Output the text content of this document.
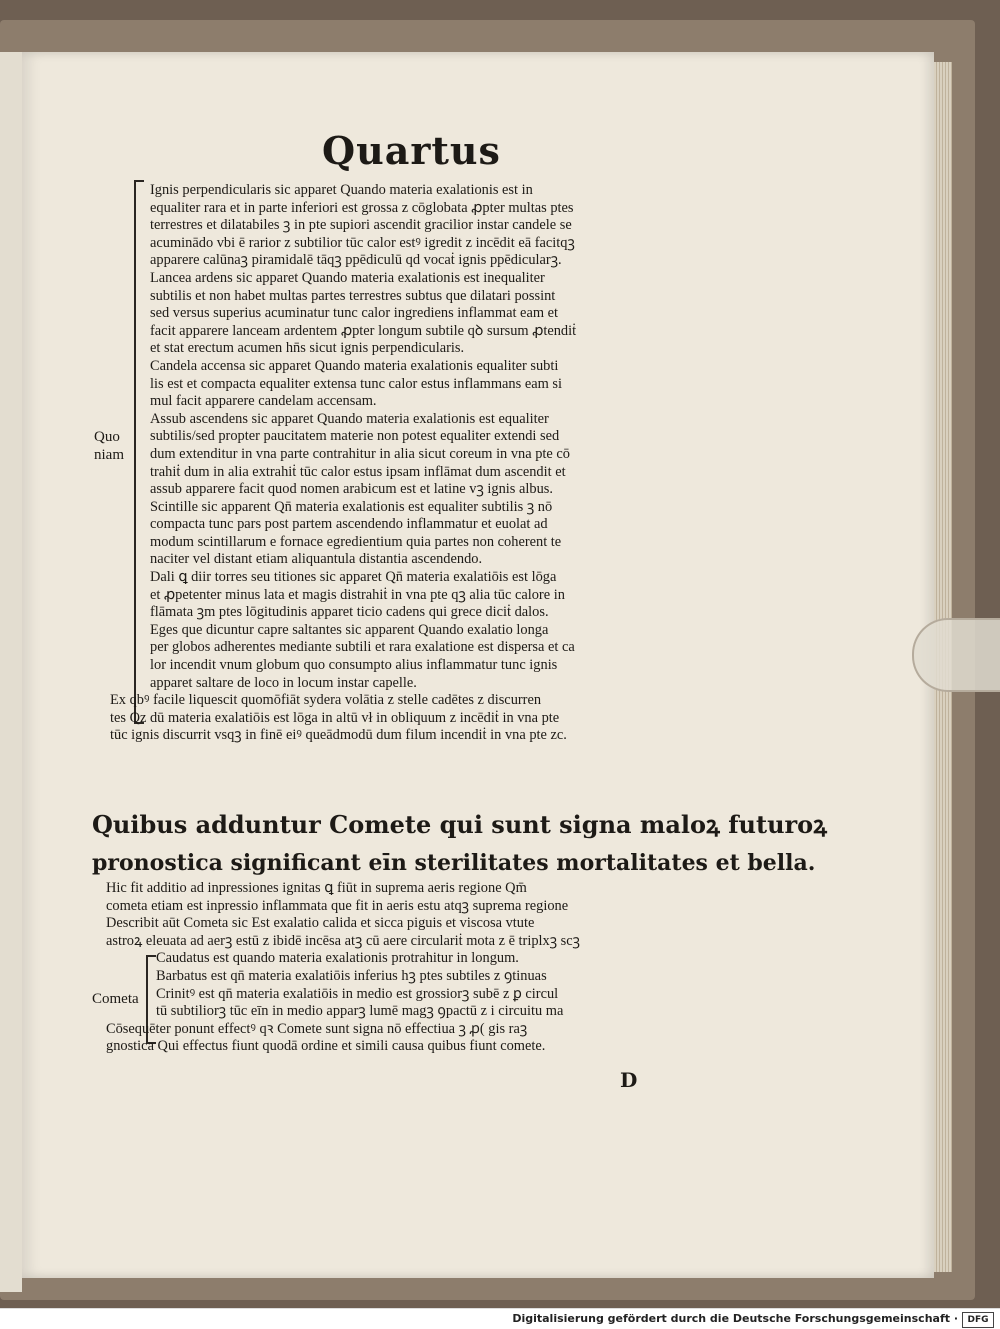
Quartus
Quo niam
Cometa

Ignis perpendicularis sic apparet Quando materia exalationis est in

equaliter rara et in parte inferiori est grossa z cōglobata ꝓpter multas ptes

terrestres et dilatabiles ꝫ in pte supiori ascendit gracilior instar candele se

acuminādo vbi ē rarior z subtilior tūc calor estꝰ igredit z incēdit eā facitqꝫ

apparere calūnaꝫ piramidalē tāqꝫ ppēdiculū qd vocaṫ ignis ppēdicularꝫ.

Lancea ardens sic apparet Quando materia exalationis est inequaliter

subtilis et non habet multas partes terrestres subtus que dilatari possint

sed versus superius acuminatur tunc calor ingrediens inflammat eam et

facit apparere lanceam ardentem ꝓpter longum subtile qꝺ sursum ꝓtendiṫ

et stat erectum acumen hn̄s sicut ignis perpendicularis.

Candela accensa sic apparet Quando materia exalationis equaliter subti

lis est et compacta equaliter extensa tunc calor estus inflammans eam si

mul facit apparere candelam accensam.

Assub ascendens sic apparet Quando materia exalationis est equaliter

subtilis/sed propter paucitatem materie non potest equaliter extendi sed

dum extenditur in vna parte contrahitur in alia sicut coreum in vna pte cō

trahiṫ dum in alia extrahiṫ tūc calor estus ipsam inflāmat dum ascendit et

assub apparere facit quod nomen arabicum est et latine vꝫ ignis albus.

Scintille sic apparent Qn̄ materia exalationis est equaliter subtilis ꝫ nō

compacta tunc pars post partem ascendendo inflammatur et euolat ad

modum scintillarum e fornace egredientium quia partes non coherent te

naciter vel distant etiam aliquantula distantia ascendendo.

Dali ꝗ diir torres seu titiones sic apparet Qn̄ materia exalatiōis est lōga

et ꝓpetenter minus lata et magis distrahiṫ in vna pte qꝫ alia tūc calore in

flāmata ꝫm ptes lōgitudinis apparet ticio cadens qui grece diciṫ dalos.

Eges que dicuntur capre saltantes sic apparent Quando exalatio longa

per globos adherentes mediante subtili et rara exalatione est dispersa et ca

lor incendit vnum globum quo consumpto alius inflammatur tunc ignis

apparet saltare de loco in locum instar capelle.

Ex qbꝰ facile liquescit quomōfiāt sydera volātia z stelle cadētes z discurren

tes Qz dū materia exalatiōis est lōga in altū vł in obliquum z incēdiṫ in vna pte

tūc ignis discurrit vsqꝫ in finē eiꝰ queādmodū dum filum incendiṫ in vna pte zc.

Quibus adduntur Comete qui sunt signa maloꝝ futuroꝝ
pronostica significant eīn sterilitates mortalitates et bella.

Hic fit additio ad inpressiones ignitas ꝗ fiūt in suprema aeris regione Qm̄

cometa etiam est inpressio inflammata que fit in aeris estu atqꝫ suprema regione

Describit aūt Cometa sic Est exalatio calida et sicca piguis et viscosa vtute

astroꝝ eleuata ad aerꝫ estū z ibidē incēsa atꝫ cū aere circulariṫ mota z ē triplxꝫ scꝫ

Caudatus est quando materia exalationis protrahitur in longum.

Barbatus est qn̄ materia exalatiōis inferius hꝫ ptes subtiles z ꝯtinuas

Crinitꝰ est qn̄ materia exalatiōis in medio est grossiorꝫ subē z ꝑ circul

tū subtiliorꝫ tūc eīn in medio apparꝫ lumē magꝫ ꝯpactū z i circuitu ma

Cōsequēter ponunt effectꝰ qꝛ Comete sunt signa nō effectiua ꝫ ꝓ( gis raꝫ

gnostica Qui effectus fiunt quodā ordine et simili causa quibus fiunt comete.

D
Digitalisierung gefördert durch die Deutsche Forschungsgemeinschaft ·	DFG
